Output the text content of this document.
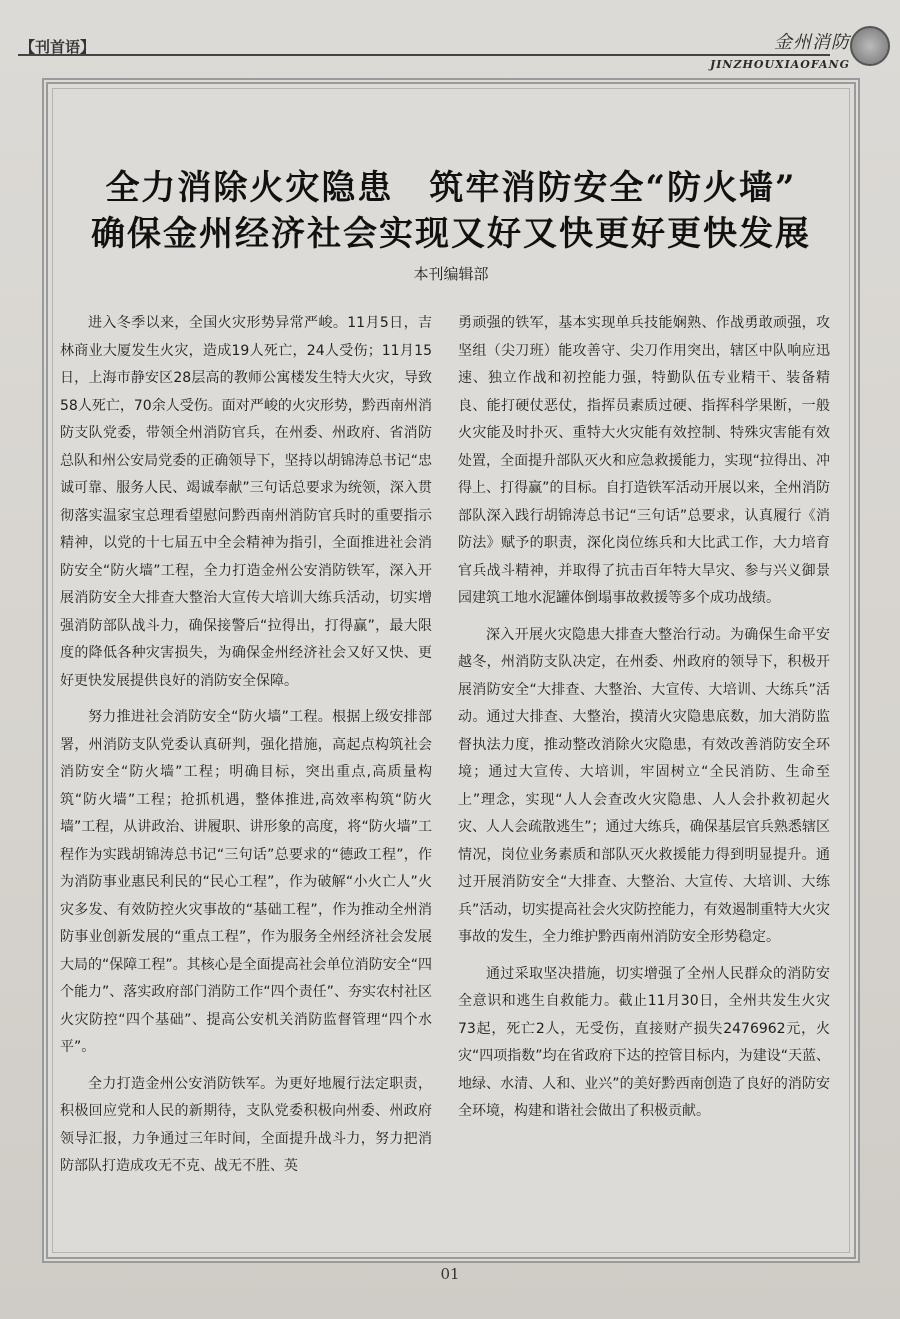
【刊首语】	金州消防
JINZHOUXIAOFANG
全力消除火灾隐患　筑牢消防安全“防火墙”
确保金州经济社会实现又好又快更好更快发展
本刊编辑部

进入冬季以来，全国火灾形势异常严峻。11月5日，吉林商业大厦发生火灾，造成19人死亡，24人受伤；11月15日，上海市静安区28层高的教师公寓楼发生特大火灾，导致58人死亡，70余人受伤。面对严峻的火灾形势，黔西南州消防支队党委，带领全州消防官兵，在州委、州政府、省消防总队和州公安局党委的正确领导下，坚持以胡锦涛总书记“忠诚可靠、服务人民、竭诚奉献”三句话总要求为统领，深入贯彻落实温家宝总理看望慰问黔西南州消防官兵时的重要指示精神，以党的十七届五中全会精神为指引，全面推进社会消防安全“防火墙”工程，全力打造金州公安消防铁军，深入开展消防安全大排查大整治大宣传大培训大练兵活动，切实增强消防部队战斗力，确保接警后“拉得出，打得赢”，最大限度的降低各种灾害损失，为确保金州经济社会又好又快、更好更快发展提供良好的消防安全保障。

努力推进社会消防安全“防火墙”工程。根据上级安排部署，州消防支队党委认真研判，强化措施，高起点构筑社会消防安全“防火墙”工程；明确目标，突出重点,高质量构筑“防火墙”工程；抢抓机遇，整体推进,高效率构筑“防火墙”工程，从讲政治、讲履职、讲形象的高度，将“防火墙”工程作为实践胡锦涛总书记“三句话”总要求的“德政工程”，作为消防事业惠民利民的“民心工程”，作为破解“小火亡人”火灾多发、有效防控火灾事故的“基础工程”，作为推动全州消防事业创新发展的“重点工程”，作为服务全州经济社会发展大局的“保障工程”。其核心是全面提高社会单位消防安全“四个能力”、落实政府部门消防工作“四个责任”、夯实农村社区火灾防控“四个基础”、提高公安机关消防监督管理“四个水平”。

全力打造金州公安消防铁军。为更好地履行法定职责，积极回应党和人民的新期待，支队党委积极向州委、州政府领导汇报，力争通过三年时间，全面提升战斗力，努力把消防部队打造成攻无不克、战无不胜、英

勇顽强的铁军，基本实现单兵技能娴熟、作战勇敢顽强，攻坚组（尖刀班）能攻善守、尖刀作用突出，辖区中队响应迅速、独立作战和初控能力强，特勤队伍专业精干、装备精良、能打硬仗恶仗，指挥员素质过硬、指挥科学果断，一般火灾能及时扑灭、重特大火灾能有效控制、特殊灾害能有效处置，全面提升部队灭火和应急救援能力，实现“拉得出、冲得上、打得赢”的目标。自打造铁军活动开展以来，全州消防部队深入践行胡锦涛总书记“三句话”总要求，认真履行《消防法》赋予的职责，深化岗位练兵和大比武工作，大力培育官兵战斗精神，并取得了抗击百年特大旱灾、参与兴义御景园建筑工地水泥罐体倒塌事故救援等多个成功战绩。

深入开展火灾隐患大排查大整治行动。为确保生命平安越冬，州消防支队决定，在州委、州政府的领导下，积极开展消防安全“大排查、大整治、大宣传、大培训、大练兵”活动。通过大排查、大整治，摸清火灾隐患底数，加大消防监督执法力度，推动整改消除火灾隐患，有效改善消防安全环境；通过大宣传、大培训，牢固树立“全民消防、生命至上”理念，实现“人人会查改火灾隐患、人人会扑救初起火灾、人人会疏散逃生”；通过大练兵，确保基层官兵熟悉辖区情况，岗位业务素质和部队灭火救援能力得到明显提升。通过开展消防安全“大排查、大整治、大宣传、大培训、大练兵”活动，切实提高社会火灾防控能力，有效遏制重特大火灾事故的发生，全力维护黔西南州消防安全形势稳定。

通过采取坚决措施，切实增强了全州人民群众的消防安全意识和逃生自救能力。截止11月30日，全州共发生火灾73起，死亡2人，无受伤，直接财产损失2476962元，火灾“四项指数”均在省政府下达的控管目标内，为建设“天蓝、地绿、水清、人和、业兴”的美好黔西南创造了良好的消防安全环境，构建和谐社会做出了积极贡献。

01
